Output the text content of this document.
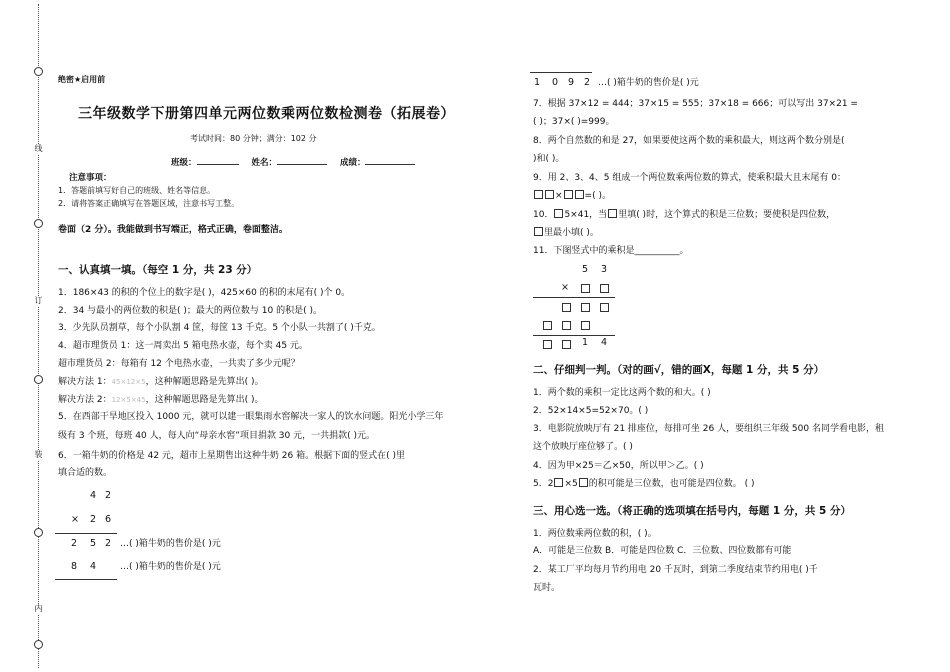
线
订
装
内
绝密★启用前
三年级数学下册第四单元两位数乘两位数检测卷（拓展卷）
考试时间：80 分钟；满分：102 分
班级：	姓名：	成绩：
注意事项：
1．答题前填写好自己的班级、姓名等信息。
2．请将答案正确填写在答题区域，注意书写工整。
卷面（2 分）。我能做到书写端正，格式正确，卷面整洁。
一、认真填一填。（每空 1 分，共 23 分）
1．186×43 的积的个位上的数字是( )，425×60 的积的末尾有( )个 0。
2．34 与最小的两位数的积是( )；最大的两位数与 10 的积是( )。
3．少先队员割草，每个小队割 4 筐，每筐 13 千克。5 个小队一共割了( )千克。
4．超市理货员 1：这一周卖出 5 箱电热水壶，每个卖 45 元。
超市理货员 2：每箱有 12 个电热水壶，一共卖了多少元呢？
解决方法 1：45×12×5，这种解题思路是先算出( )。
解决方法 2：12×5×45，这种解题思路是先算出( )。
5．在西部干旱地区投入 1000 元，就可以建一眼集雨水窖解决一家人的饮水问题。阳光小学三年
级有 3 个班，每班 40 人，每人向“母亲水窖”项目捐款 30 元，一共捐款( )元。
6．一箱牛奶的价格是 42 元，超市上星期售出这种牛奶 26 箱。根据下面的竖式在( )里
填合适的数。
4 2
×	2 6
2	5 2 …( )箱牛奶的售价是( )元
8	4	…( )箱牛奶的售价是( )元
1	0	9	2 …( )箱牛奶的售价是( )元
7．根据 37×12 = 444；37×15 = 555；37×18 = 666；可以写出 37×21 =
( )；37×( )=999。
8．两个自然数的和是 27，如果要使这两个数的乘积最大，则这两个数分别是(
)和( )。
9．用 2、3、4、5 组成一个两位数乘两位数的算式，使乘积最大且末尾有 0：
× =( )。
10． 5×41，当 里填( )时，这个算式的积是三位数；要使积是四位数，
里最小填( )。
11．下图竖式中的乘积是__________。
5	3
×
1	4
二、仔细判一判。（对的画√，错的画Ⅹ，每题 1 分，共 5 分）
1．两个数的乘积一定比这两个数的和大。( )
2．52×14×5=52×70。( )
3．电影院放映厅有 21 排座位，每排可坐 26 人，要组织三年级 500 名同学看电影，租
这个放映厅座位够了。( )
4．因为甲×25＝乙×50，所以甲＞乙。( )
5．2 ×5 的积可能是三位数，也可能是四位数。 ( )
三、用心选一选。（将正确的选项填在括号内，每题 1 分，共 5 分）
1．两位数乘两位数的积，( )。
A．可能是三位数 B．可能是四位数 C．三位数、四位数都有可能
2．某工厂平均每月节约用电 20 千瓦时，到第二季度结束节约用电( )千
瓦时。
